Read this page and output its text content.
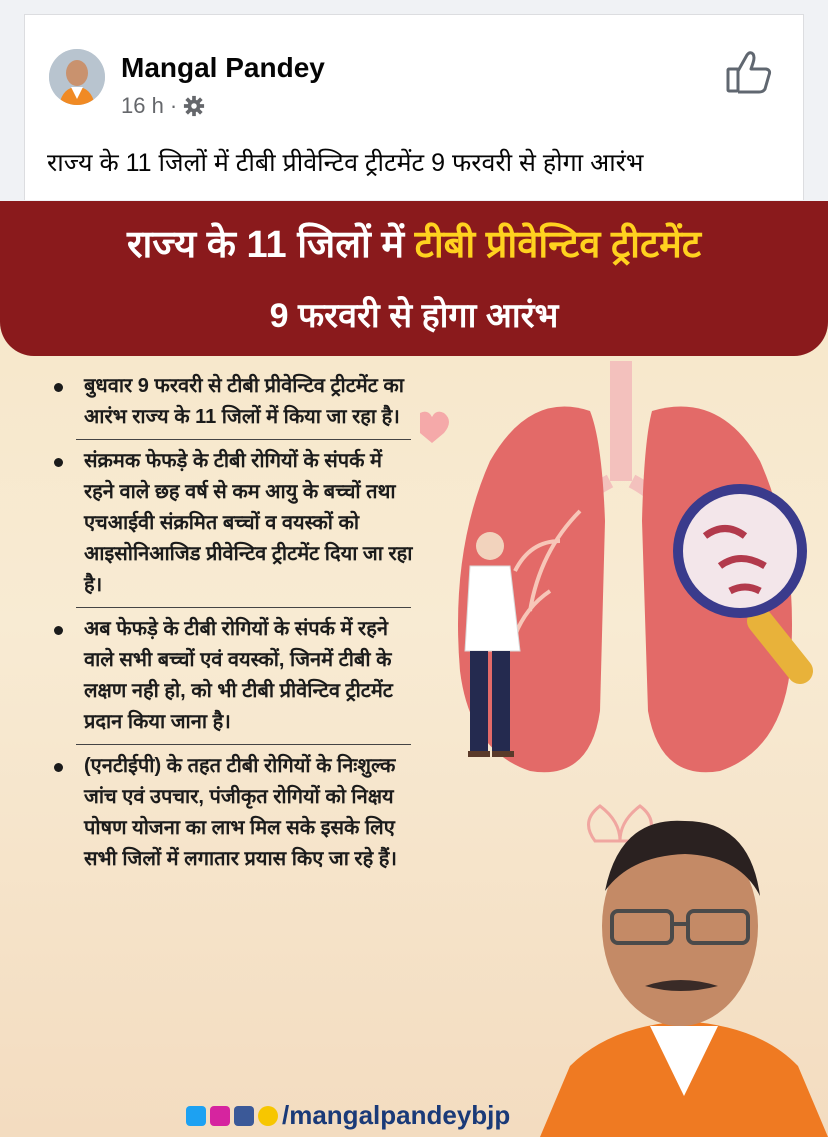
Mangal Pandey
16 h ·
राज्य के 11 जिलों में टीबी प्रीवेन्टिव ट्रीटमेंट 9 फरवरी से होगा आरंभ
राज्य के 11 जिलों में टीबी प्रीवेन्टिव ट्रीटमेंट
9 फरवरी से होगा आरंभ
बुधवार 9 फरवरी से टीबी प्रीवेन्टिव ट्रीटमेंट का आरंभ राज्य के 11 जिलों में किया जा रहा है।
संक्रमक फेफड़े के टीबी रोगियों के संपर्क में रहने वाले छह वर्ष से कम आयु के बच्चों तथा एचआईवी संक्रमित बच्चों व वयस्कों को आइसोनिआजिड प्रीवेन्टिव ट्रीटमेंट दिया जा रहा है।
अब फेफड़े के टीबी रोगियों के संपर्क में रहने वाले सभी बच्चों एवं वयस्कों, जिनमें टीबी के लक्षण नही हो, को भी टीबी प्रीवेन्टिव ट्रीटमेंट प्रदान किया जाना है।
(एनटीईपी) के तहत टीबी रोगियों के निःशुल्क जांच एवं उपचार, पंजीकृत रोगियों को निक्षय पोषण योजना का लाभ मिल सके इसके लिए सभी जिलों में लगातार प्रयास किए जा रहे हैं।
/mangalpandeybjp
